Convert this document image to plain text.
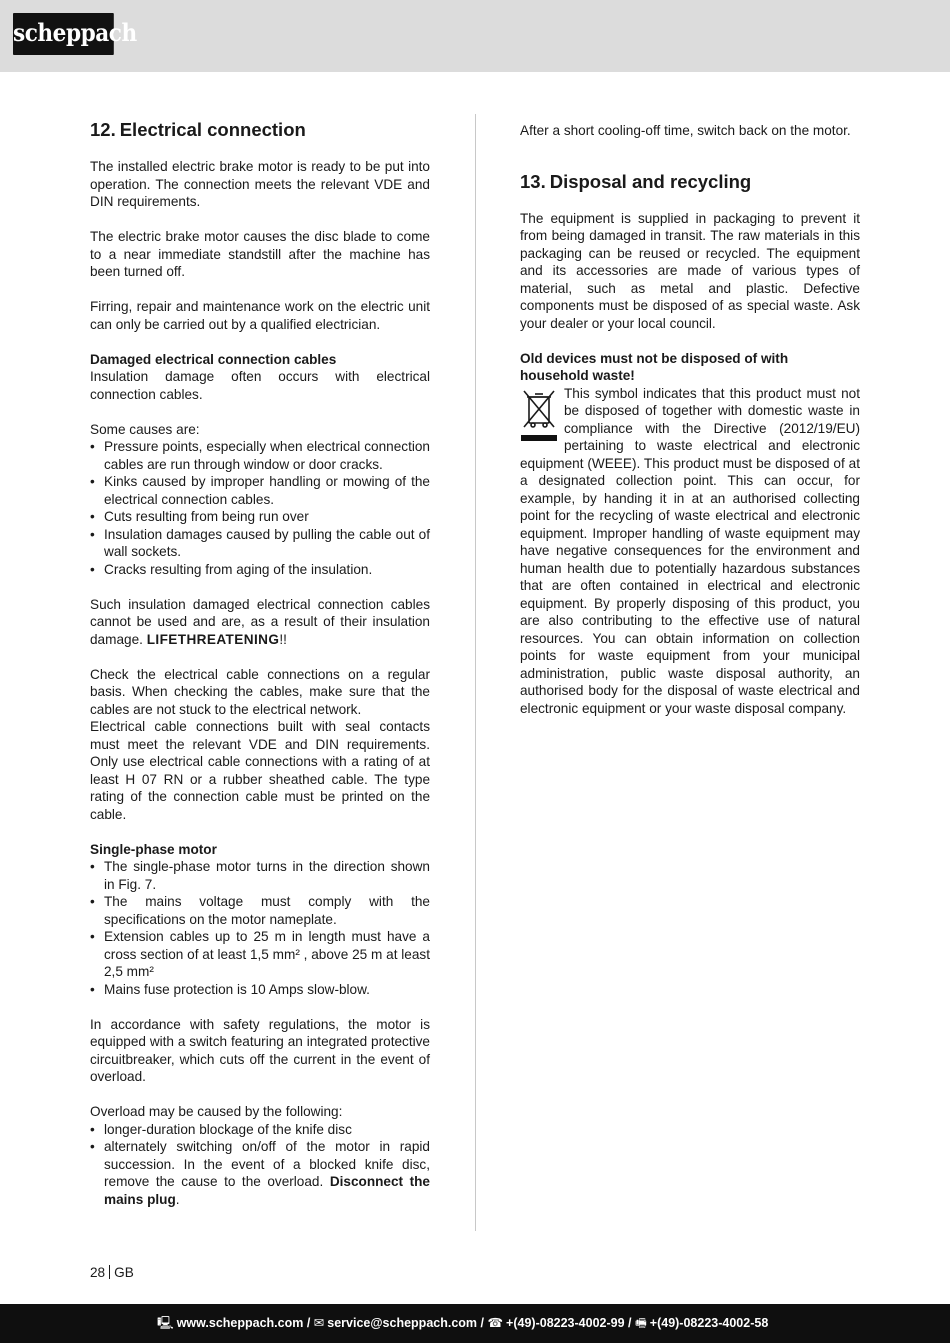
scheppach
12. Electrical connection

The installed electric brake motor is ready to be put into operation. The connection meets the relevant VDE and DIN requirements.

The electric brake motor causes the disc blade to come to a near immediate standstill after the machine has been turned off.

Firring, repair and maintenance work on the electric unit can only be carried out by a qualified electrician.

Damaged electrical connection cables

Insulation damage often occurs with electrical connection cables.

Some causes are:

• Pressure points, especially when electrical connection cables are run through window or door cracks.
• Kinks caused by improper handling or mowing of the electrical connection cables.
• Cuts resulting from being run over
• Insulation damages caused by pulling the cable out of wall sockets.
• Cracks resulting from aging of the insulation.

Such insulation damaged electrical connection cables cannot be used and are, as a result of their insulation damage. LIFETHREATENING!!

Check the electrical cable connections on a regular basis. When checking the cables, make sure that the cables are not stuck to the electrical network.

Electrical cable connections built with seal contacts must meet the relevant VDE and DIN requirements. Only use electrical cable connections with a rating of at least H 07 RN or a rubber sheathed cable. The type rating of the connection cable must be printed on the cable.

Single-phase motor
• The single-phase motor turns in the direction shown in Fig. 7.
• The mains voltage must comply with the specifications on the motor nameplate.
• Extension cables up to 25 m in length must have a cross section of at least 1,5 mm² , above 25 m at least 2,5 mm²
• Mains fuse protection is 10 Amps slow-blow.

In accordance with safety regulations, the motor is equipped with a switch featuring an integrated protective circuitbreaker, which cuts off the current in the event of overload.

Overload may be caused by the following:

• longer-duration blockage of the knife disc
• alternately switching on/off of the motor in rapid succession. In the event of a blocked knife disc, remove the cause to the overload. Disconnect the mains plug.

After a short cooling-off time, switch back on the motor.

13. Disposal and recycling

The equipment is supplied in packaging to prevent it from being damaged in transit. The raw materials in this packaging can be reused or recycled. The equipment and its accessories are made of various types of material, such as metal and plastic. Defective components must be disposed of as special waste. Ask your dealer or your local council.

Old devices must not be disposed of with household waste!

This symbol indicates that this product must not be disposed of together with domestic waste in compliance with the Directive (2012/19/EU) pertaining to waste electrical and electronic equipment (WEEE). This product must be disposed of at a designated collection point. This can occur, for example, by handing it in at an authorised collecting point for the recycling of waste electrical and electronic equipment. Improper handling of waste equipment may have negative consequences for the environment and human health due to potentially hazardous substances that are often contained in electrical and electronic equipment. By properly disposing of this product, you are also contributing to the effective use of natural resources. You can obtain information on collection points for waste equipment from your municipal administration, public waste disposal authority, an authorised body for the disposal of waste electrical and electronic equipment or your waste disposal company.

28 GB
🖳 www.scheppach.com / ✉ service@scheppach.com / ☎ +(49)-08223-4002-99 / 🖷 +(49)-08223-4002-58
